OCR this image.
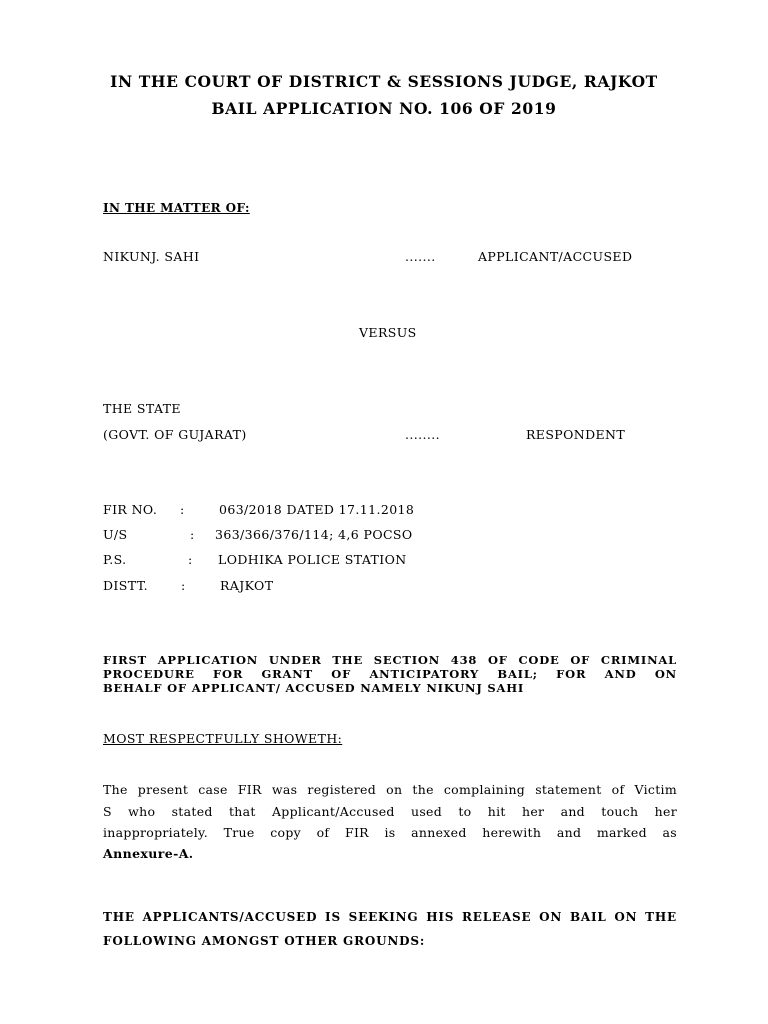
IN THE COURT OF DISTRICT & SESSIONS JUDGE, RAJKOT
BAIL APPLICATION NO. 106 OF 2019
IN THE MATTER OF:
NIKUNJ. SAHI	.......	APPLICANT/ACCUSED
VERSUS
THE STATE
(GOVT. OF GUJARAT)	........	RESPONDENT
FIR NO. :	063/2018 DATED 17.11.2018
U/S	: 363/366/376/114; 4,6 POCSO
P.S.	: LODHIKA POLICE STATION
DISTT.	:	RAJKOT
FIRST APPLICATION UNDER THE SECTION 438 OF CODE OF CRIMINAL
PROCEDURE FOR GRANT OF ANTICIPATORY BAIL; FOR AND ON
BEHALF OF APPLICANT/ ACCUSED NAMELY NIKUNJ SAHI
MOST RESPECTFULLY SHOWETH:
The present case FIR was registered on the complaining statement of Victim
S who stated that Applicant/Accused used to hit her and touch her
inappropriately. True copy of FIR is annexed herewith and marked as
Annexure-A.
THE APPLICANTS/ACCUSED IS SEEKING HIS RELEASE ON BAIL ON THE
FOLLOWING AMONGST OTHER GROUNDS:
